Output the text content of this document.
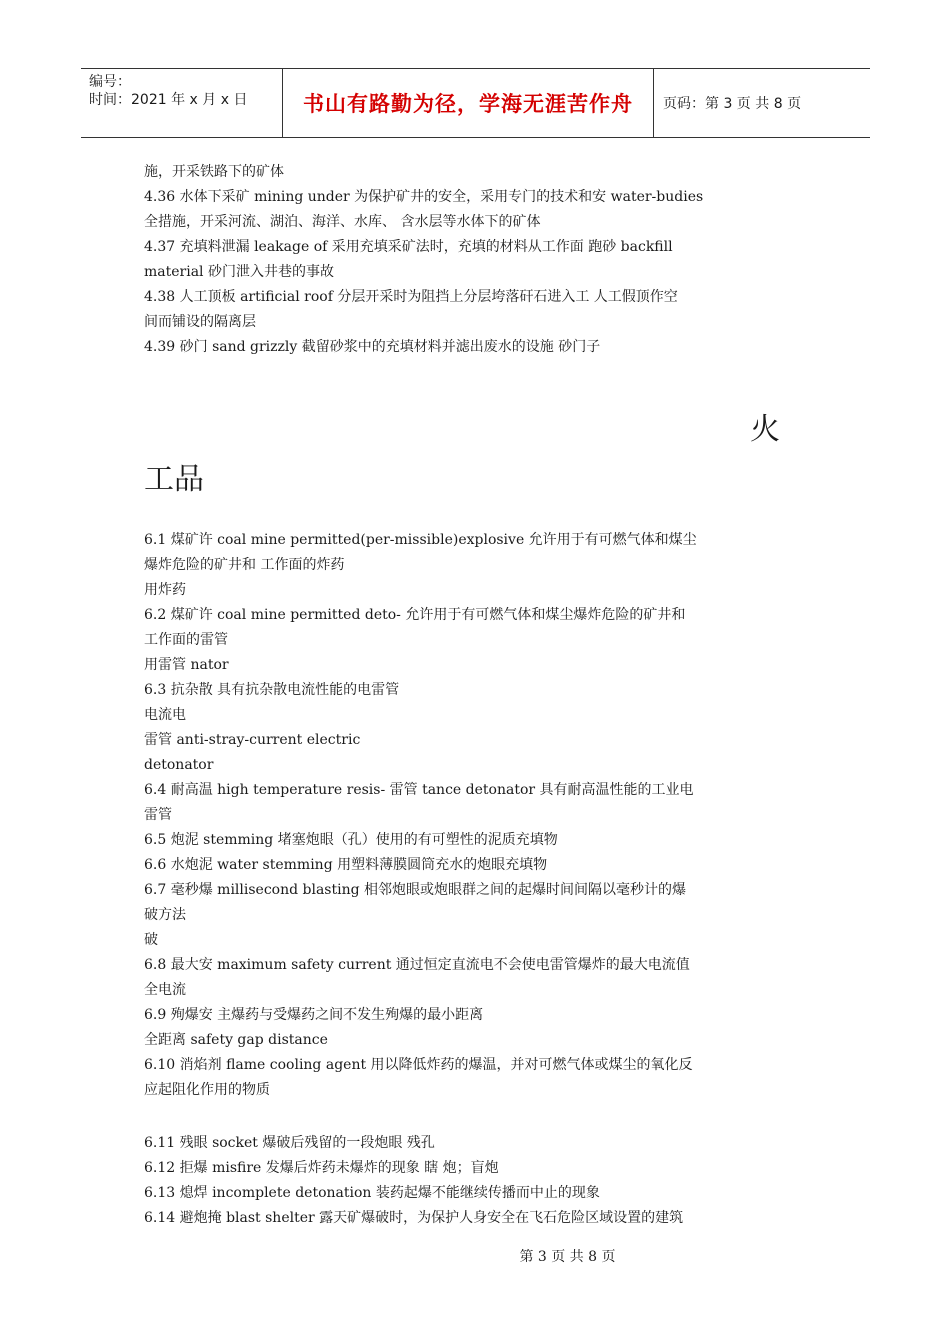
编号：
时间：2021 年 x 月 x 日	书山有路勤为径，学海无涯苦作舟	页码：第 3 页 共 8 页

施，开采铁路下的矿体

4.36 水体下采矿 mining under 为保护矿井的安全，采用专门的技术和安 water-budies

全措施，开采河流、湖泊、海洋、水库、 含水层等水体下的矿体

4.37 充填料泄漏 leakage of 采用充填采矿法时，充填的材料从工作面 跑砂 backfill

material 砂门泄入井巷的事故

4.38 人工顶板 artificial roof 分层开采时为阻挡上分层垮落矸石进入工 人工假顶作空

间而铺设的隔离层

4.39 砂门 sand grizzly 截留砂浆中的充填材料并滤出废水的设施 砂门子

火
工品

6.1 煤矿许 coal mine permitted(per-missible)explosive 允许用于有可燃气体和煤尘

爆炸危险的矿井和 工作面的炸药

用炸药

6.2 煤矿许 coal mine permitted deto- 允许用于有可燃气体和煤尘爆炸危险的矿井和

工作面的雷管

用雷管 nator

6.3 抗杂散 具有抗杂散电流性能的电雷管

电流电

雷管 anti-stray-current electric

detonator

6.4 耐高温 high temperature resis- 雷管 tance detonator 具有耐高温性能的工业电

雷管

6.5 炮泥 stemming 堵塞炮眼（孔）使用的有可塑性的泥质充填物

6.6 水炮泥 water stemming 用塑料薄膜圆筒充水的炮眼充填物

6.7 毫秒爆 millisecond blasting 相邻炮眼或炮眼群之间的起爆时间间隔以毫秒计的爆

破方法

破

6.8 最大安 maximum safety current 通过恒定直流电不会使电雷管爆炸的最大电流值

全电流

6.9 殉爆安 主爆药与受爆药之间不发生殉爆的最小距离

全距离 safety gap distance

6.10 消焰剂 flame cooling agent 用以降低炸药的爆温，并对可燃气体或煤尘的氧化反

应起阻化作用的物质

6.11 残眼 socket 爆破后残留的一段炮眼 残孔

6.12 拒爆 misfire 发爆后炸药未爆炸的现象 瞎 炮；盲炮

6.13 熄焊 incomplete detonation 装药起爆不能继续传播而中止的现象

6.14 避炮掩 blast shelter 露天矿爆破时，为保护人身安全在飞石危险区域设置的建筑

第 3 页 共 8 页
